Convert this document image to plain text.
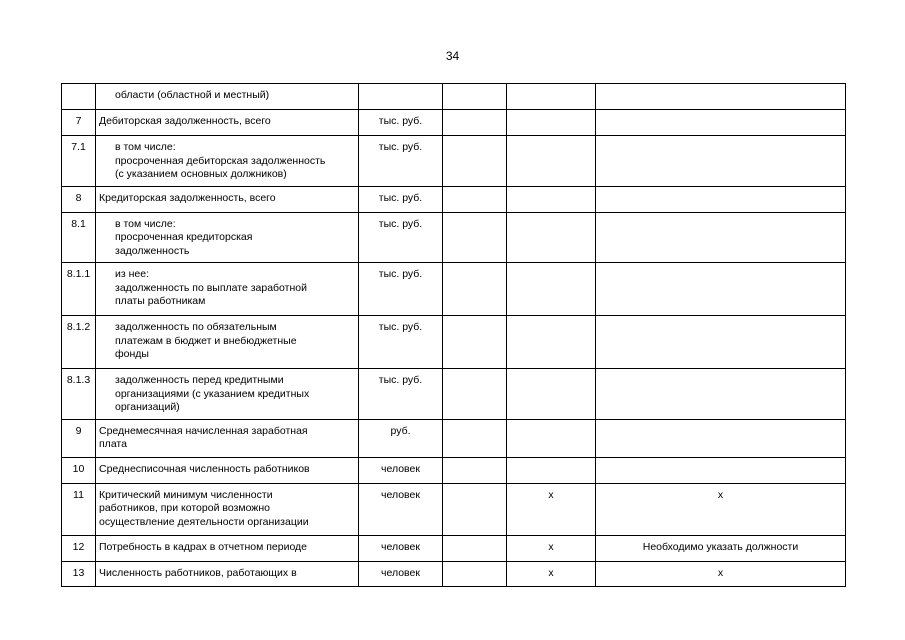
34
	области (областной и местный)				
7	Дебиторская задолженность, всего	тыс. руб.			
7.1	в том числе:
просроченная дебиторская задолженность
(с указанием основных должников)	тыс. руб.			
8	Кредиторская задолженность, всего	тыс. руб.			
8.1	в том числе:
просроченная кредиторская
задолженность	тыс. руб.			
8.1.1	из нее:
задолженность по выплате заработной
платы работникам	тыс. руб.			
8.1.2	задолженность по обязательным
платежам в бюджет и внебюджетные
фонды	тыс. руб.			
8.1.3	задолженность перед кредитными
организациями (с указанием кредитных
организаций)	тыс. руб.			
9	Среднемесячная начисленная заработная
плата	руб.			
10	Среднесписочная численность работников	человек			
11	Критический минимум численности
работников, при которой возможно
осуществление деятельности организации	человек		х	х
12	Потребность в кадрах в отчетном периоде	человек		х	Необходимо указать должности
13	Численность работников, работающих в	человек		х	х
